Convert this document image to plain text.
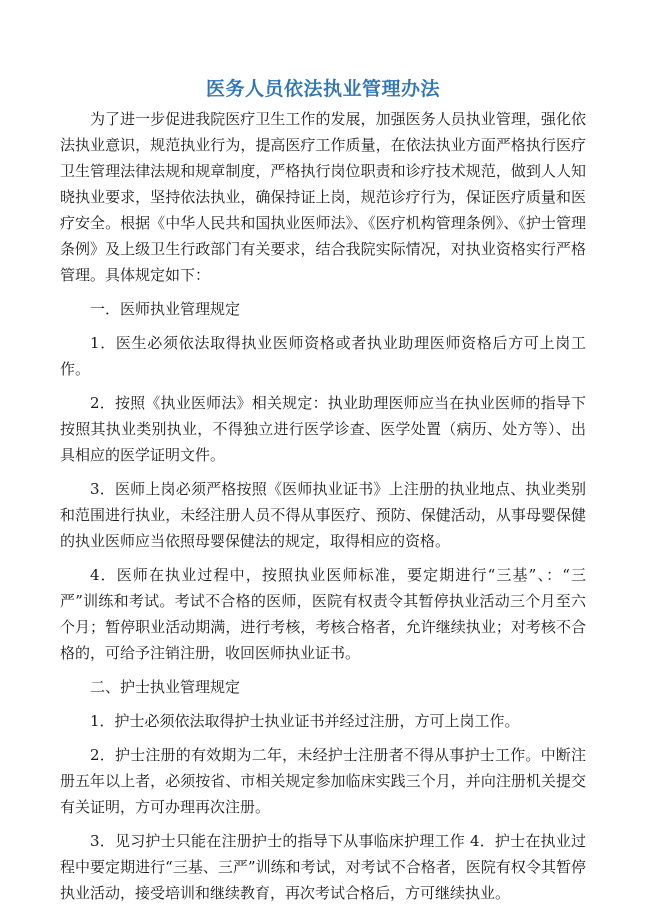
医务人员依法执业管理办法

为了进一步促进我院医疗卫生工作的发展，加强医务人员执业管理，强化依法执业意识，规范执业行为，提高医疗工作质量，在依法执业方面严格执行医疗卫生管理法律法规和规章制度，严格执行岗位职责和诊疗技术规范，做到人人知晓执业要求，坚持依法执业，确保持证上岗，规范诊疗行为，保证医疗质量和医疗安全。根据《中华人民共和国执业医师法》、《医疗机构管理条例》、《护士管理条例》及上级卫生行政部门有关要求，结合我院实际情况，对执业资格实行严格管理。具体规定如下：

一．医师执业管理规定

1．医生必须依法取得执业医师资格或者执业助理医师资格后方可上岗工作。

2．按照《执业医师法》相关规定：执业助理医师应当在执业医师的指导下按照其执业类别执业，不得独立进行医学诊查、医学处置（病历、处方等）、出具相应的医学证明文件。

3．医师上岗必须严格按照《医师执业证书》上注册的执业地点、执业类别和范围进行执业，未经注册人员不得从事医疗、预防、保健活动，从事母婴保健的执业医师应当依照母婴保健法的规定，取得相应的资格。

4．医师在执业过程中，按照执业医师标准，要定期进行“三基”、：“三严”训练和考试。考试不合格的医师，医院有权责令其暂停执业活动三个月至六个月；暂停职业活动期满，进行考核，考核合格者，允许继续执业；对考核不合格的，可给予注销注册，收回医师执业证书。

二、护士执业管理规定

1．护士必须依法取得护士执业证书并经过注册，方可上岗工作。

2．护士注册的有效期为二年，未经护士注册者不得从事护士工作。中断注册五年以上者，必须按省、市相关规定参加临床实践三个月，并向注册机关提交有关证明，方可办理再次注册。

3．见习护士只能在注册护士的指导下从事临床护理工作 4．护士在执业过程中要定期进行“三基、三严”训练和考试，对考试不合格者，医院有权令其暂停执业活动，接受培训和继续教育，再次考试合格后，方可继续执业。
